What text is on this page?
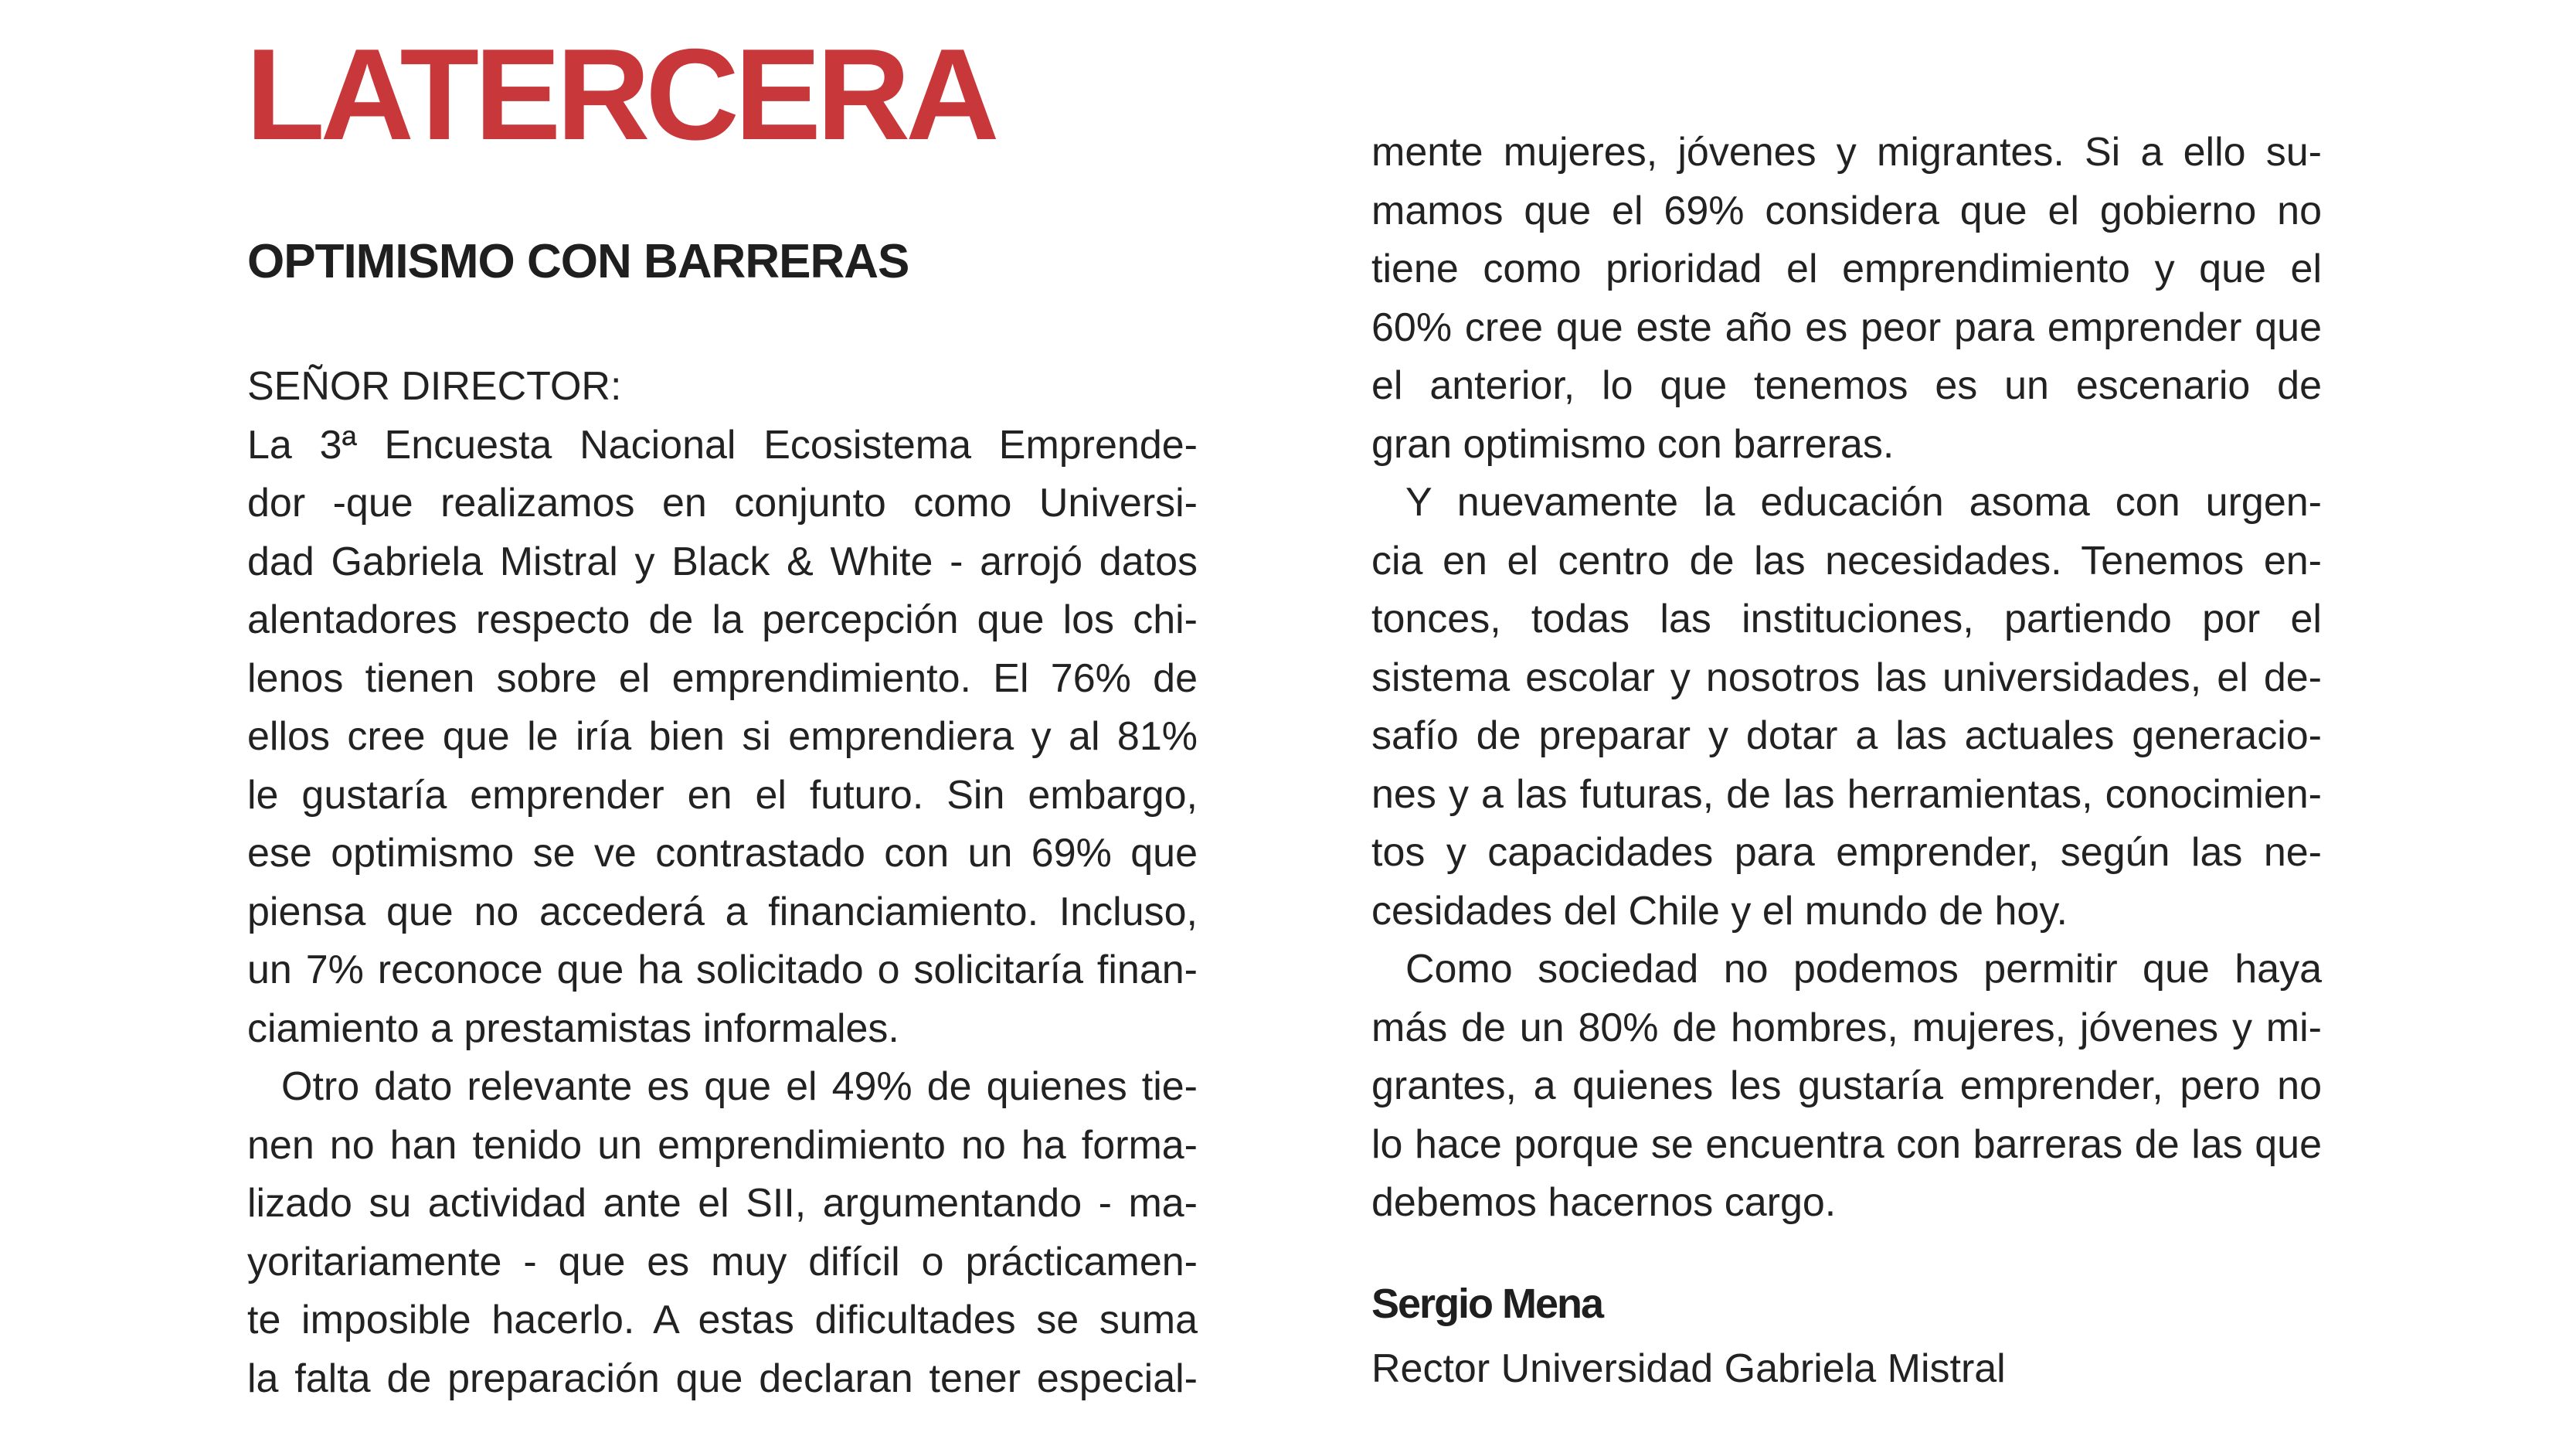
LATERCERA
OPTIMISMO CON BARRERAS
SEÑOR DIRECTOR:
La 3ª Encuesta Nacional Ecosistema Emprende-
dor -que realizamos en conjunto como Universi-
dad Gabriela Mistral y Black & White - arrojó datos
alentadores respecto de la percepción que los chi-
lenos tienen sobre el emprendimiento. El 76% de
ellos cree que le iría bien si emprendiera y al 81%
le gustaría emprender en el futuro. Sin embargo,
ese optimismo se ve contrastado con un 69% que
piensa que no accederá a financiamiento. Incluso,
un 7% reconoce que ha solicitado o solicitaría finan-
ciamiento a prestamistas informales.
Otro dato relevante es que el 49% de quienes tie-
nen no han tenido un emprendimiento no ha forma-
lizado su actividad ante el SII, argumentando - ma-
yoritariamente - que es muy difícil o prácticamen-
te imposible hacerlo. A estas dificultades se suma
la falta de preparación que declaran tener especial-
mente mujeres, jóvenes y migrantes. Si a ello su-
mamos que el 69% considera que el gobierno no
tiene como prioridad el emprendimiento y que el
60% cree que este año es peor para emprender que
el anterior, lo que tenemos es un escenario de
gran optimismo con barreras.
Y nuevamente la educación asoma con urgen-
cia en el centro de las necesidades. Tenemos en-
tonces, todas las instituciones, partiendo por el
sistema escolar y nosotros las universidades, el de-
safío de preparar y dotar a las actuales generacio-
nes y a las futuras, de las herramientas, conocimien-
tos y capacidades para emprender, según las ne-
cesidades del Chile y el mundo de hoy.
Como sociedad no podemos permitir que haya
más de un 80% de hombres, mujeres, jóvenes y mi-
grantes, a quienes les gustaría emprender, pero no
lo hace porque se encuentra con barreras de las que
debemos hacernos cargo.
Sergio Mena
Rector Universidad Gabriela Mistral
